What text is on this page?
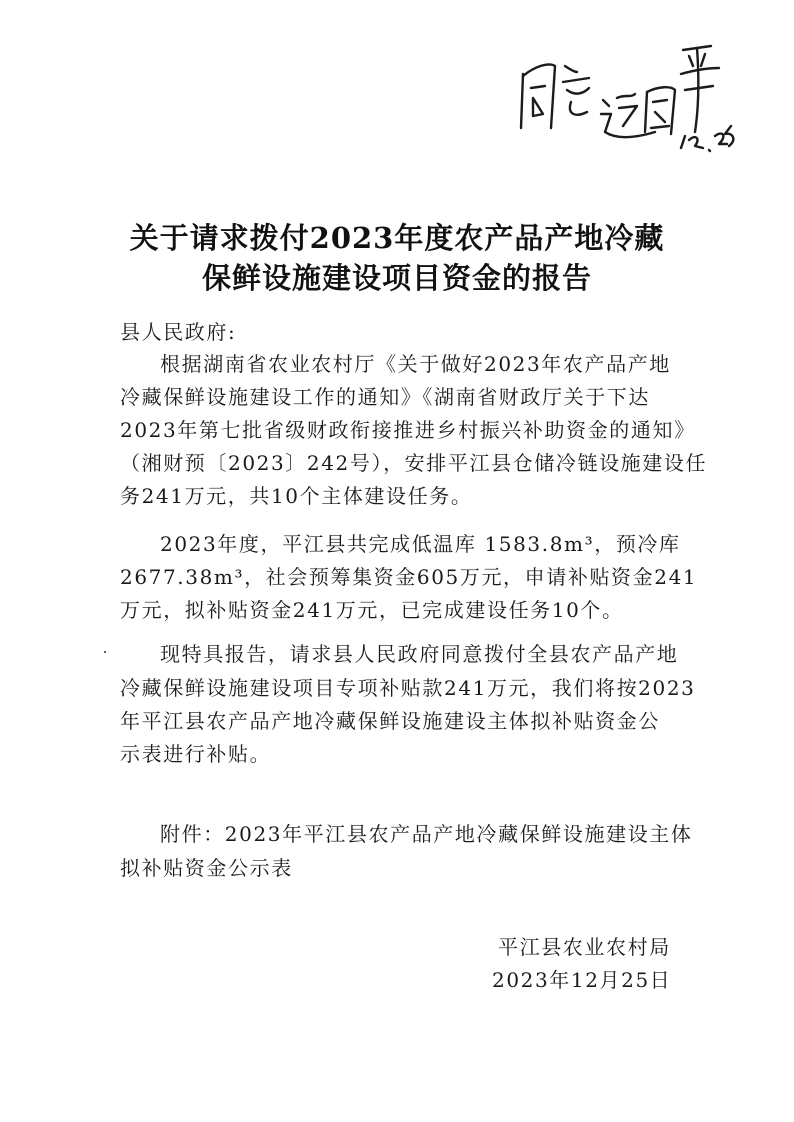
关于请求拨付2023年度农产品产地冷藏
保鲜设施建设项目资金的报告
县人民政府:
根据湖南省农业农村厅《关于做好2023年农产品产地
冷藏保鲜设施建设工作的通知》《湖南省财政厅关于下达
2023年第七批省级财政衔接推进乡村振兴补助资金的通知》
（湘财预〔2023〕242号），安排平江县仓储冷链设施建设任
务241万元，共10个主体建设任务。
2023年度，平江县共完成低温库 1583.8m³，预冷库
2677.38m³，社会预筹集资金605万元，申请补贴资金241
万元，拟补贴资金241万元，已完成建设任务10个。
现特具报告，请求县人民政府同意拨付全县农产品产地
冷藏保鲜设施建设项目专项补贴款241万元，我们将按2023
年平江县农产品产地冷藏保鲜设施建设主体拟补贴资金公
示表进行补贴。
附件：2023年平江县农产品产地冷藏保鲜设施建设主体
拟补贴资金公示表
平江县农业农村局
2023年12月25日
